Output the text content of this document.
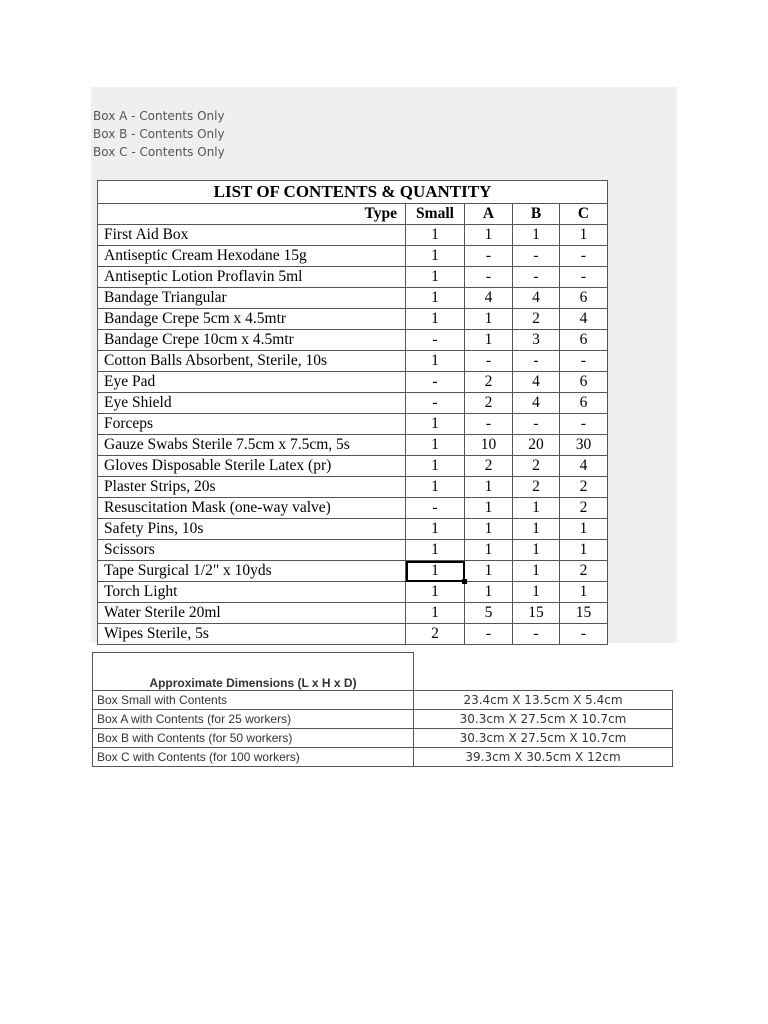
Box A - Contents Only
Box B - Contents Only
Box C - Contents Only
LIST OF CONTENTS & QUANTITY				
Type	Small	A	B	C
First Aid Box	1	1	1	1
Antiseptic Cream Hexodane 15g	1	-	-	-
Antiseptic Lotion Proflavin 5ml	1	-	-	-
Bandage Triangular	1	4	4	6
Bandage Crepe 5cm x 4.5mtr	1	1	2	4
Bandage Crepe 10cm x 4.5mtr	-	1	3	6
Cotton Balls Absorbent, Sterile, 10s	1	-	-	-
Eye Pad	-	2	4	6
Eye Shield	-	2	4	6
Forceps	1	-	-	-
Gauze Swabs Sterile 7.5cm x 7.5cm, 5s	1	10	20	30
Gloves Disposable Sterile Latex (pr)	1	2	2	4
Plaster Strips, 20s	1	1	2	2
Resuscitation Mask (one-way valve)	-	1	1	2
Safety Pins, 10s	1	1	1	1
Scissors	1	1	1	1
Tape Surgical 1/2" x 10yds	1	1	1	2
Torch Light	1	1	1	1
Water Sterile 20ml	1	5	15	15
Wipes Sterile, 5s	2	-	-	-
Approximate Dimensions (L x H x D)
Box Small with Contents	23.4cm X 13.5cm X 5.4cm
Box A with Contents (for 25 workers)	30.3cm X 27.5cm X 10.7cm
Box B with Contents (for 50 workers)	30.3cm X 27.5cm X 10.7cm
Box C with Contents (for 100 workers)	39.3cm X 30.5cm X 12cm
